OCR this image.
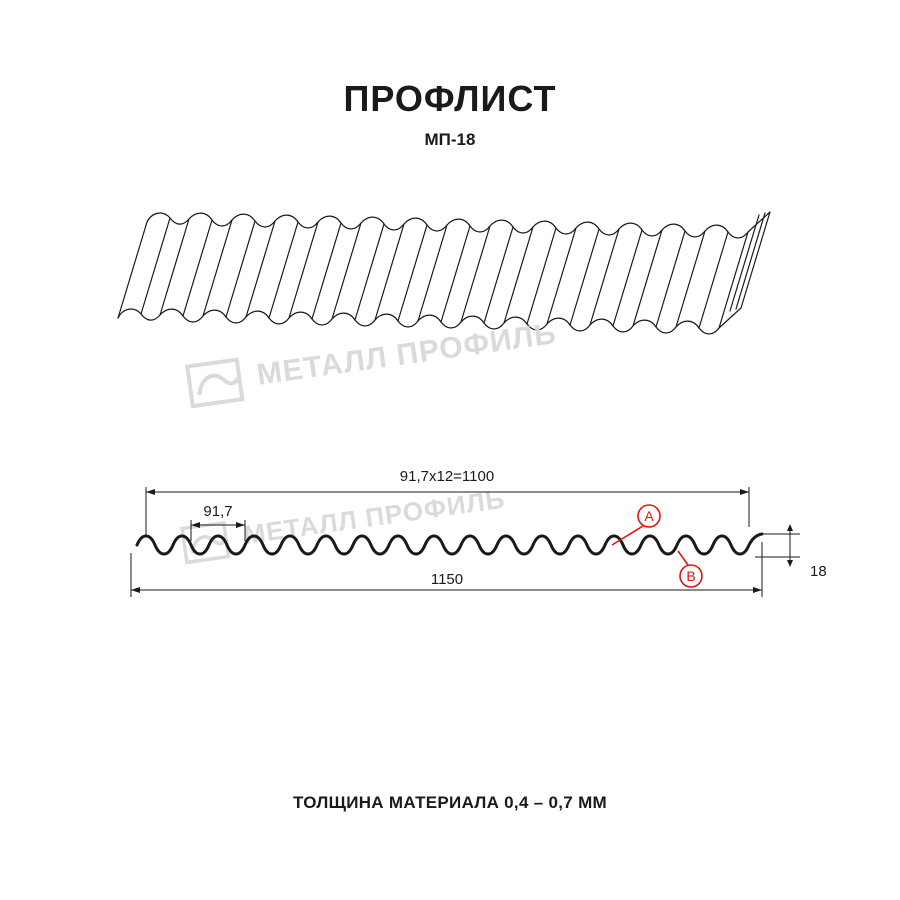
ПРОФЛИСТ
МП-18
МЕТАЛЛ ПРОФИЛЬ
МЕТАЛЛ ПРОФИЛЬ
91,7x12=1100
91,7
1150	18
A
B
ТОЛЩИНА МАТЕРИАЛА 0,4 – 0,7 ММ
